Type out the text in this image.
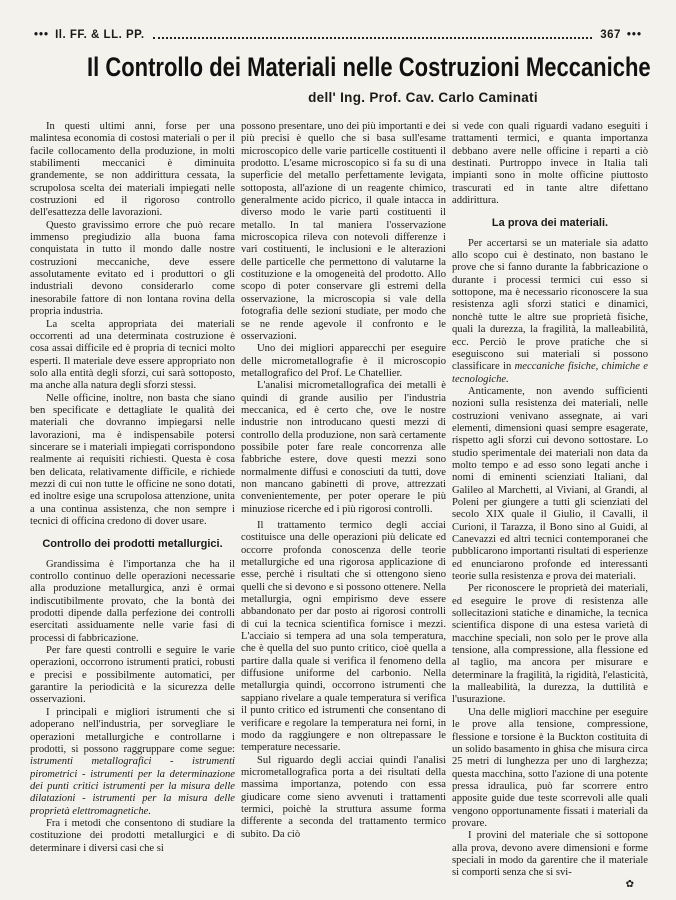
••• Il. FF. & LL. PP.	367 •••
Il Controllo dei Materiali nelle Costruzioni Meccaniche
dell' Ing. Prof. Cav. Carlo Caminati

In questi ultimi anni, forse per una malintesa economia di costosi materiali o per il facile collocamento della produzione, in molti stabilimenti meccanici è diminuita grandemente, se non addirittura cessata, la scrupolosa scelta dei materiali impiegati nelle costruzioni ed il rigoroso controllo dell'esattezza delle lavorazioni.

Questo gravissimo errore che può recare immenso pregiudizio alla buona fama conquistata in tutto il mondo dalle nostre costruzioni meccaniche, deve essere assolutamente evitato ed i produttori o gli industriali devono considerarlo come inesorabile fattore di non lontana rovina della propria industria.

La scelta appropriata dei materiali occorrenti ad una determinata costruzione è cosa assai difficile ed è propria di tecnici molto esperti. Il materiale deve essere appropriato non solo alla entità degli sforzi, cui sarà sottoposto, ma anche alla natura degli sforzi stessi.

Nelle officine, inoltre, non basta che siano ben specificate e dettagliate le qualità dei materiali che dovranno impiegarsi nelle lavorazioni, ma è indispensabile potersi sincerare se i materiali impiegati corrispondono realmente ai requisiti richiesti. Questa è cosa ben delicata, relativamente difficile, e richiede mezzi di cui non tutte le officine ne sono dotati, ed inoltre esige una scrupolosa attenzione, unita a una continua assistenza, che non sempre i tecnici di officina credono di dover usare.

Controllo dei prodotti metallurgici.

Grandissima è l'importanza che ha il controllo continuo delle operazioni necessarie alla produzione metallurgica, anzi è ormai indiscutibilmente provato, che la bontà dei prodotti dipende dalla perfezione dei controlli esercitati assiduamente nelle varie fasi di processi di fabbricazione.

Per fare questi controlli e seguire le varie operazioni, occorrono istrumenti pratici, robusti e precisi e possibilmente automatici, per garantire la periodicità e la sicurezza delle osservazioni.

I principali e migliori istrumenti che si adoperano nell'industria, per sorvegliare le operazioni metallurgiche e controllarne i prodotti, si possono raggruppare come segue: istrumenti metallografici - istrumenti pirometrici - istrumenti per la determinazione dei punti critici istrumenti per la misura delle dilatazioni - istrumenti per la misura delle proprietà elettromagnetiche.

Fra i metodi che consentono di studiare la costituzione dei prodotti metallurgici e di determinare i diversi casi che si

possono presentare, uno dei più importanti e dei più precisi è quello che si basa sull'esame microscopico delle varie particelle costituenti il prodotto. L'esame microscopico si fa su di una superficie del metallo perfettamente levigata, sottoposta, all'azione di un reagente chimico, generalmente acido picrico, il quale intacca in diverso modo le varie parti costituenti il metallo. In tal maniera l'osservazione microscopica rileva con notevoli differenze i vari costituenti, le inclusioni e le alterazioni delle particelle che permettono di valutarne la costituzione e la omogeneità del prodotto. Allo scopo di poter conservare gli estremi della osservazione, la microscopia si vale della fotografia delle sezioni studiate, per modo che se ne rende agevole il confronto e le osservazioni.

Uno dei migliori apparecchi per eseguire delle micrometallografie è il microscopio metallografico del Prof. Le Chatellier.

L'analisi micrometallografica dei metalli è quindi di grande ausilio per l'industria meccanica, ed è certo che, ove le nostre industrie non introducano questi mezzi di controllo della produzione, non sarà certamente possibile poter fare reale concorrenza alle fabbriche estere, dove questi mezzi sono normalmente diffusi e conosciuti da tutti, dove non mancano gabinetti di prove, attrezzati convenientemente, per poter operare le più minuziose ricerche ed i più rigorosi controlli.

Il trattamento termico degli acciai costituisce una delle operazioni più delicate ed occorre profonda conoscenza delle teorie metallurgiche ed una rigorosa applicazione di esse, perchè i risultati che si ottengono sieno quelli che si devono e si possono ottenere. Nella metallurgia, ogni empirismo deve essere abbandonato per dar posto ai rigorosi controlli di cui la tecnica scientifica fornisce i mezzi. L'acciaio si tempera ad una sola temperatura, che è quella del suo punto critico, cioè quella a partire dalla quale si verifica il fenomeno della diffusione uniforme del carbonio. Nella metallurgia quindi, occorrono istrumenti che sappiano rivelare a quale temperatura si verifica il punto critico ed istrumenti che consentano di verificare e regolare la temperatura nei forni, in modo da raggiungere e non oltrepassare le temperature necessarie.

Sul riguardo degli acciai quindi l'analisi micrometallografica porta a dei risultati della massima importanza, potendo con essa giudicare come sieno avvenuti i trattamenti termici, poichè la struttura assume forma differente a seconda del trattamento termico subito. Da ciò

si vede con quali riguardi vadano eseguiti i trattamenti termici, e quanta importanza debbano avere nelle officine i reparti a ciò destinati. Purtroppo invece in Italia tali impianti sono in molte officine piuttosto trascurati ed in tante altre difettano addirittura.

La prova dei materiali.

Per accertarsi se un materiale sia adatto allo scopo cui è destinato, non bastano le prove che si fanno durante la fabbricazione o durante i processi termici cui esso si sottopone, ma è necessario riconoscere la sua resistenza agli sforzi statici e dinamici, nonchè tutte le altre sue proprietà fisiche, quali la durezza, la fragilità, la malleabilità, ecc. Perciò le prove pratiche che si eseguiscono sui materiali si possono classificare in meccaniche fisiche, chimiche e tecnologiche.

Anticamente, non avendo sufficienti nozioni sulla resistenza dei materiali, nelle costruzioni venivano assegnate, ai vari elementi, dimensioni quasi sempre esagerate, rispetto agli sforzi cui devono sottostare. Lo studio sperimentale dei materiali non data da molto tempo e ad esso sono legati anche i nomi di eminenti scienziati Italiani, dal Galileo al Marchetti, al Viviani, al Grandi, al Poleni per giungere a tutti gli scienziati del secolo XIX quale il Giulio, il Cavalli, il Curioni, il Tarazza, il Bono sino al Guidi, al Canevazzi ed altri tecnici contemporanei che pubblicarono importanti risultati di esperienze ed enunciarono profonde ed interessanti teorie sulla resistenza e prova dei materiali.

Per riconoscere le proprietà dei materiali, ed eseguire le prove di resistenza alle sollecitazioni statiche e dinamiche, la tecnica scientifica dispone di una estesa varietà di macchine speciali, non solo per le prove alla tensione, alla compressione, alla flessione ed al taglio, ma ancora per misurare e determinare la fragilità, la rigidità, l'elasticità, la malleabilità, la durezza, la duttilità e l'usurazione.

Una delle migliori macchine per eseguire le prove alla tensione, compressione, flessione e torsione è la Buckton costituita di un solido basamento in ghisa che misura circa 25 metri di lunghezza per uno di larghezza; questa macchina, sotto l'azione di una potente pressa idraulica, può far scorrere entro apposite guide due teste scorrevoli alle quali vengono opportunamente fissati i materiali da provare.

I provini del materiale che si sottopone alla prova, devono avere dimensioni e forme speciali in modo da garentire che il materiale si comporti senza che si svi-

✿
